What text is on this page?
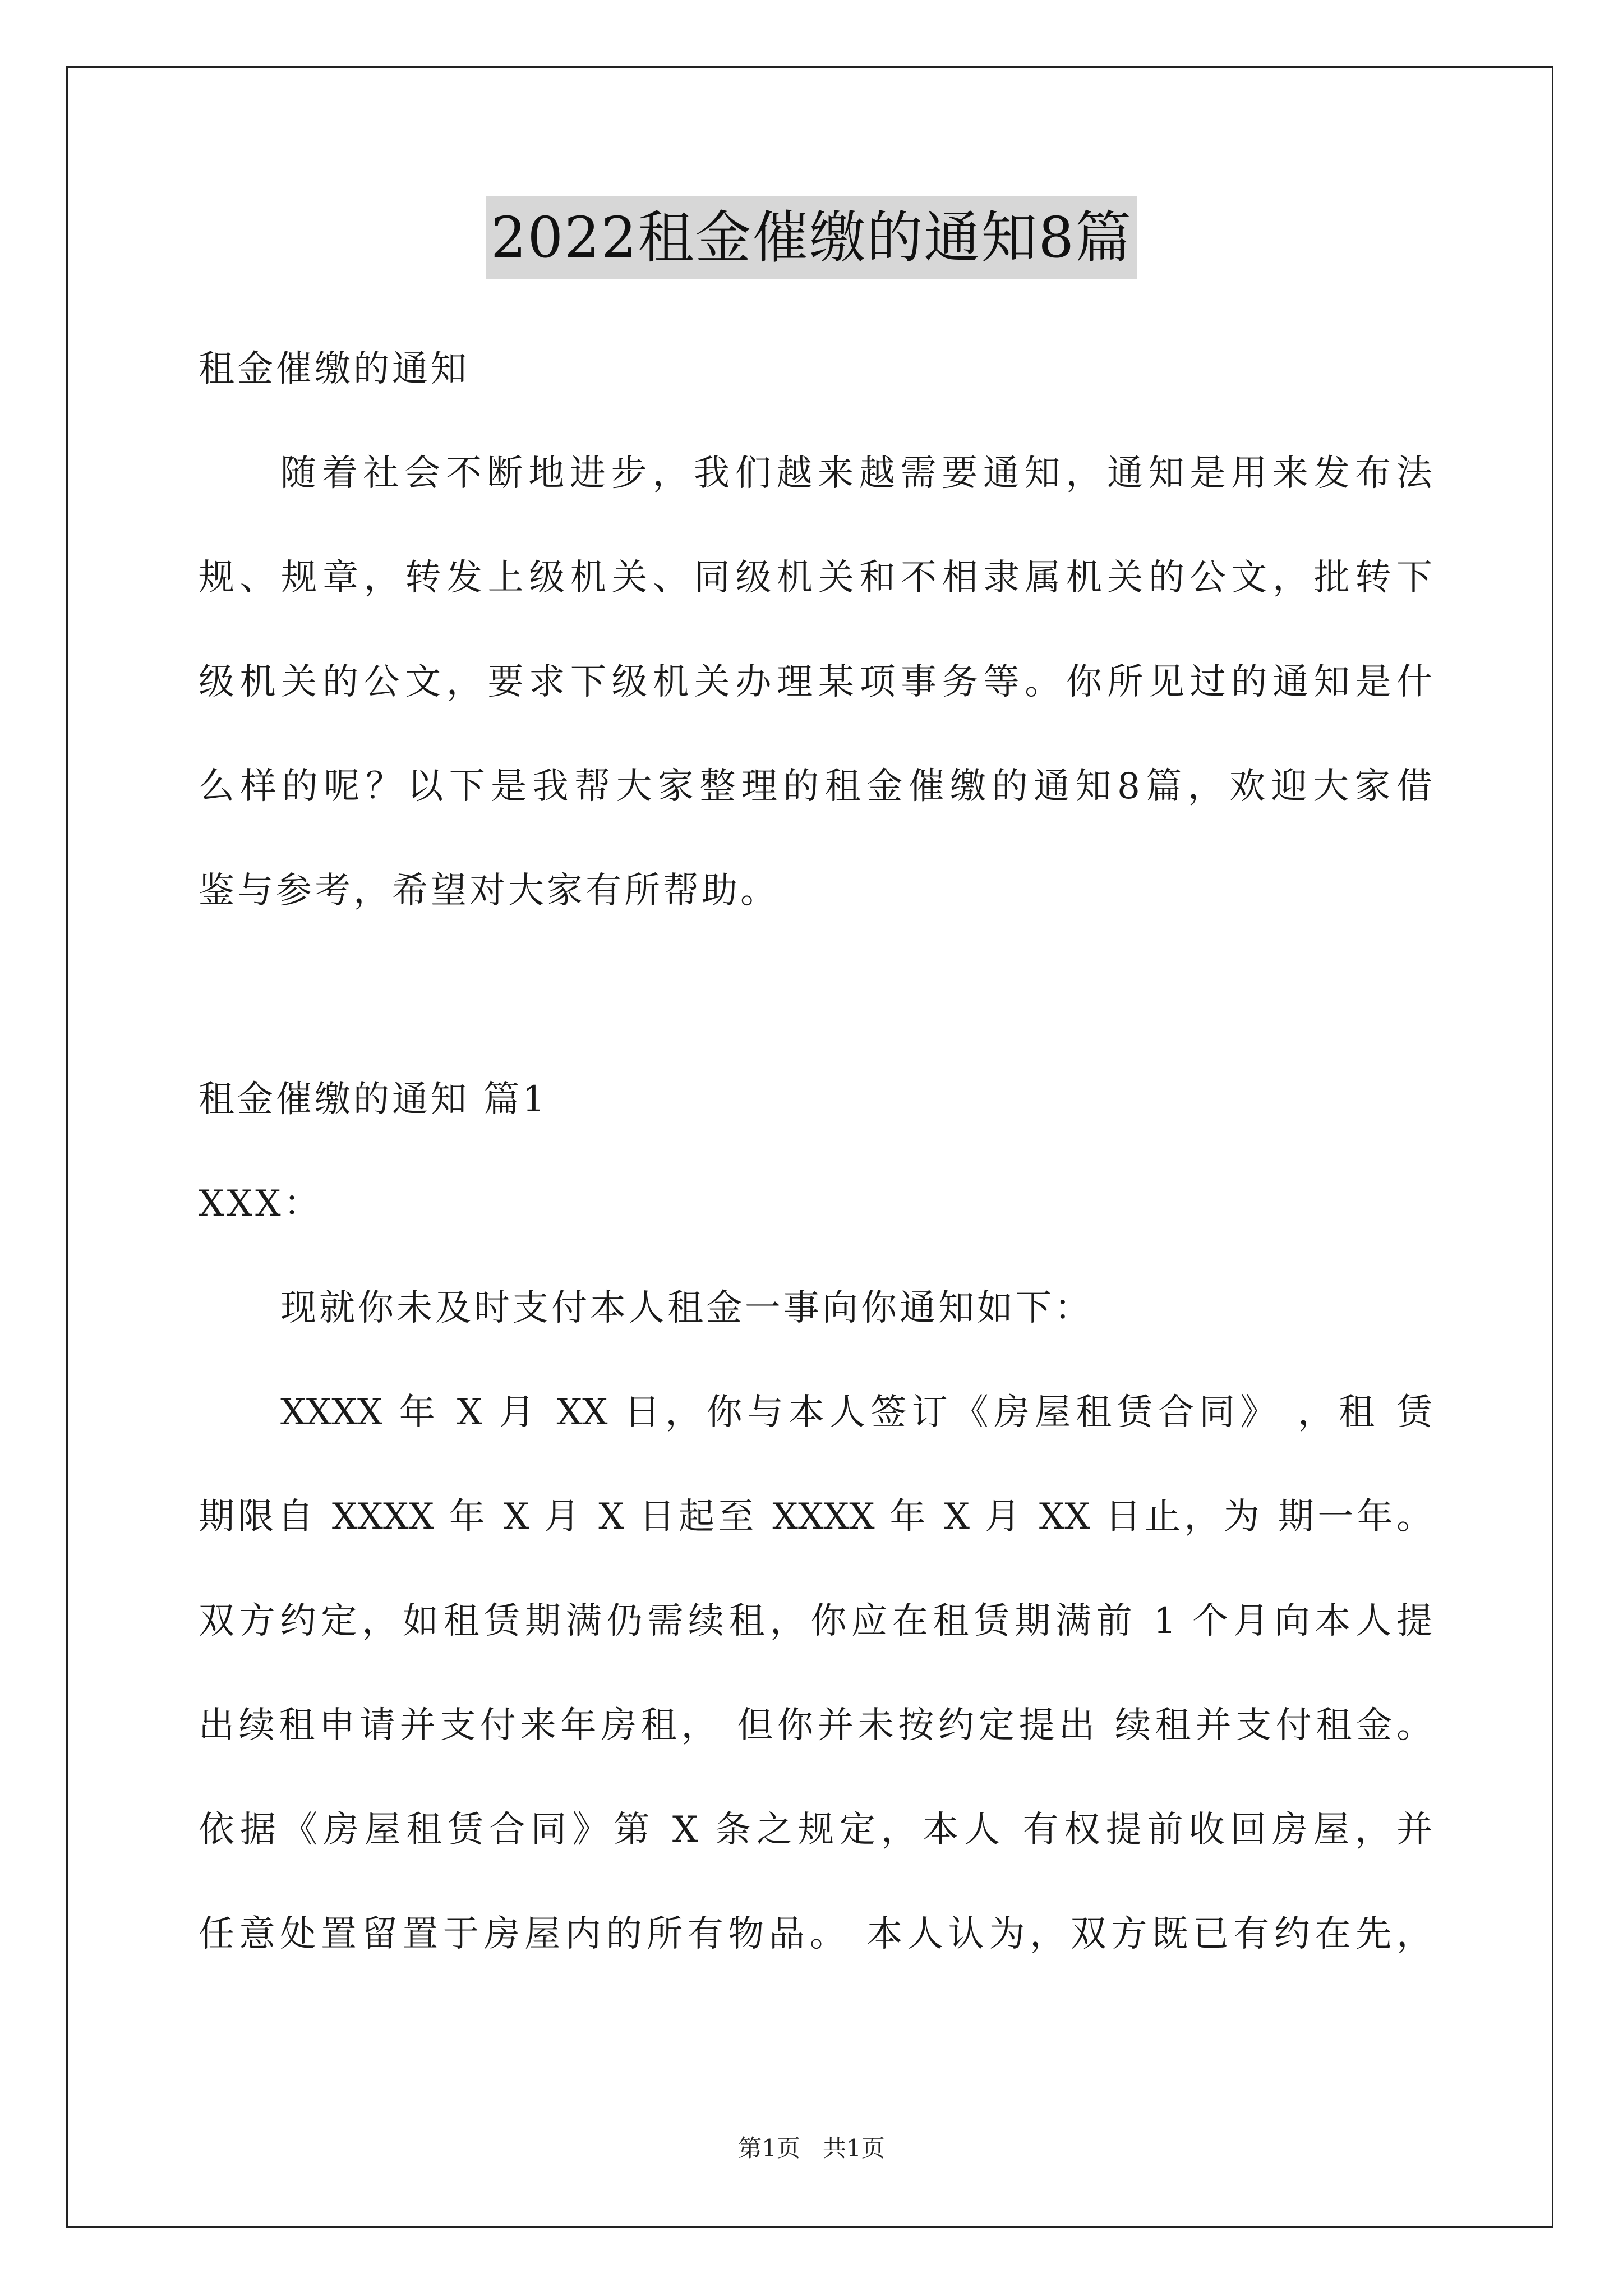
2022租金催缴的通知8篇
租金催缴的通知
随着社会不断地进步，我们越来越需要通知，通知是用来发布法
规、规章，转发上级机关、同级机关和不相隶属机关的公文，批转下
级机关的公文，要求下级机关办理某项事务等。你所见过的通知是什
么样的呢？以下是我帮大家整理的租金催缴的通知8篇，欢迎大家借
鉴与参考，希望对大家有所帮助。
租金催缴的通知 篇1
XXX：
现就你未及时支付本人租金一事向你通知如下：
XXXX 年 X 月 XX 日，你与本人签订《房屋租赁合同》 ，租 赁
期限自 XXXX 年 X 月 X 日起至 XXXX 年 X 月 XX 日止，为 期一年。
双方约定，如租赁期满仍需续租，你应在租赁期满前 1 个月向本人提
出续租申请并支付来年房租， 但你并未按约定提出 续租并支付租金。
依据《房屋租赁合同》第 X 条之规定，本人 有权提前收回房屋，并
任意处置留置于房屋内的所有物品。 本人认为，双方既已有约在先，
第1页 共1页
